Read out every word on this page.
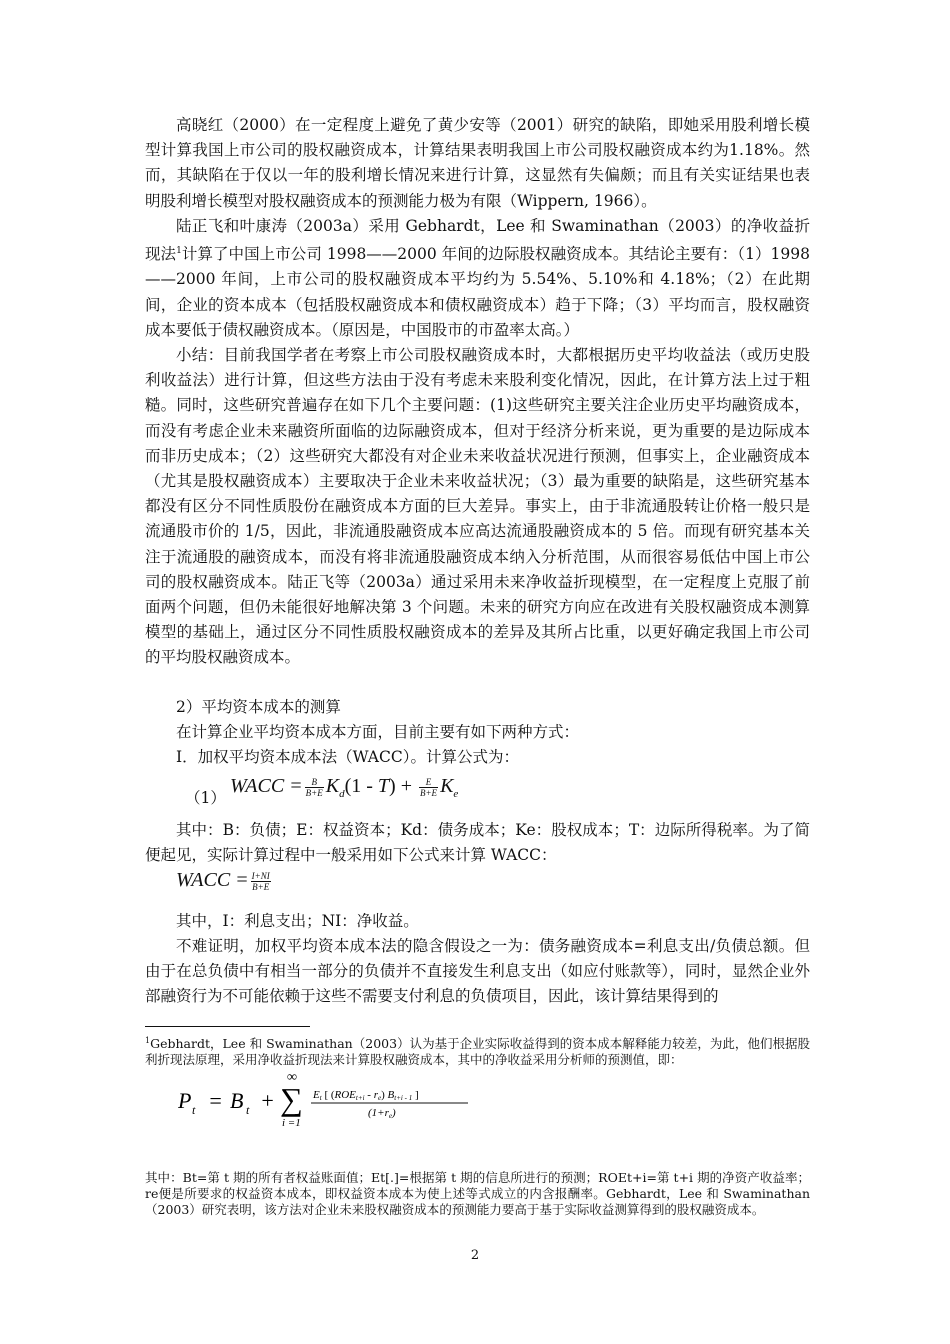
高晓红（2000）在一定程度上避免了黄少安等（2001）研究的缺陷，即她采用股利增长模型计算我国上市公司的股权融资成本，计算结果表明我国上市公司股权融资成本约为1.18%。然而，其缺陷在于仅以一年的股利增长情况来进行计算，这显然有失偏颇；而且有关实证结果也表明股利增长模型对股权融资成本的预测能力极为有限（Wippern, 1966）。

陆正飞和叶康涛（2003a）采用 Gebhardt，Lee 和 Swaminathan（2003）的净收益折现法$^1$计算了中国上市公司 1998——2000 年间的边际股权融资成本。其结论主要有：（1）1998——2000 年间，上市公司的股权融资成本平均约为 5.54%、5.10%和 4.18%；（2）在此期间，企业的资本成本（包括股权融资成本和债权融资成本）趋于下降；（3）平均而言，股权融资成本要低于债权融资成本。（原因是，中国股市的市盈率太高。）

小结：目前我国学者在考察上市公司股权融资成本时，大都根据历史平均收益法（或历史股利收益法）进行计算，但这些方法由于没有考虑未来股利变化情况，因此，在计算方法上过于粗糙。同时，这些研究普遍存在如下几个主要问题：(1)这些研究主要关注企业历史平均融资成本，而没有考虑企业未来融资所面临的边际融资成本，但对于经济分析来说，更为重要的是边际成本而非历史成本；（2）这些研究大都没有对企业未来收益状况进行预测，但事实上，企业融资成本（尤其是股权融资成本）主要取决于企业未来收益状况；（3）最为重要的缺陷是，这些研究基本都没有区分不同性质股份在融资成本方面的巨大差异。事实上，由于非流通股转让价格一般只是流通股市价的 1/5，因此，非流通股融资成本应高达流通股融资成本的 5 倍。而现有研究基本关注于流通股的融资成本，而没有将非流通股融资成本纳入分析范围，从而很容易低估中国上市公司的股权融资成本。陆正飞等（2003a）通过采用未来净收益折现模型，在一定程度上克服了前面两个问题，但仍未能很好地解决第 3 个问题。未来的研究方向应在改进有关股权融资成本测算模型的基础上，通过区分不同性质股权融资成本的差异及其所占比重，以更好确定我国上市公司的平均股权融资成本。

2）平均资本成本的测算

在计算企业平均资本成本方面，目前主要有如下两种方式：

I．加权平均资本成本法（WACC）。计算公式为：

（1）
WACC = $\frac{B}{B+E} K_d(1 - T) + \frac{E}{B+E} K_e$

其中：B：负债；E：权益资本；Kd：债务成本；Ke：股权成本；T：边际所得税率。为了简便起见，实际计算过程中一般采用如下公式来计算 WACC：

WACC = $\frac{I+NI}{B+E}$

其中，I：利息支出；NI：净收益。

不难证明，加权平均资本成本法的隐含假设之一为：债务融资成本=利息支出/负债总额。但由于在总负债中有相当一部分的负债并不直接发生利息支出（如应付账款等），同时，显然企业外部融资行为不可能依赖于这些不需要支付利息的负债项目，因此，该计算结果得到的

$^1$Gebhardt，Lee 和 Swaminathan（2003）认为基于企业实际收益得到的资本成本解释能力较差，为此，他们根据股利折现法原理，采用净收益折现法来计算股权融资成本，其中的净收益采用分析师的预测值，即：

P t = B t +
∞
∑
i =1
Et [ (ROEt+i - re) Bt+i - 1 ]
(1+re)

其中：Bt=第 t 期的所有者权益账面值；Et[.]=根据第 t 期的信息所进行的预测；ROEt+i=第 t+i 期的净资产收益率；re便是所要求的权益资本成本，即权益资本成本为使上述等式成立的内含报酬率。Gebhardt，Lee 和 Swaminathan（2003）研究表明，该方法对企业未来股权融资成本的预测能力要高于基于实际收益测算得到的股权融资成本。

2
